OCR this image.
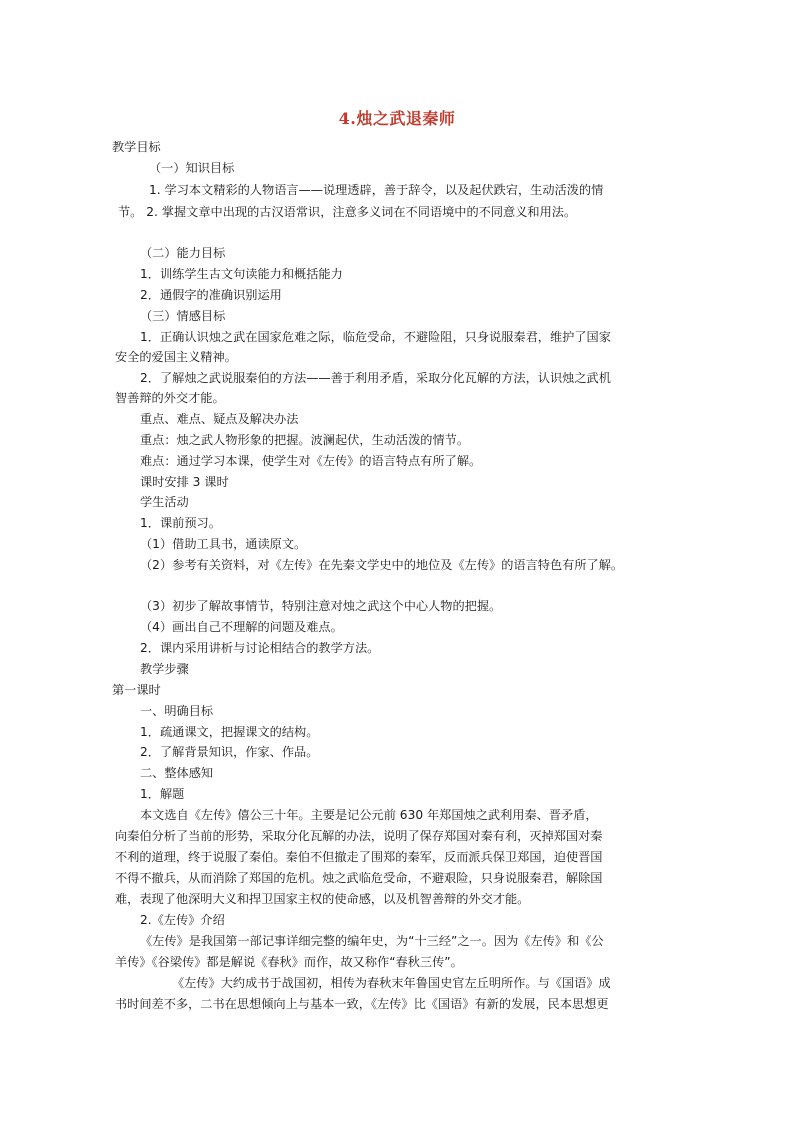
4.烛之武退秦师
教学目标
（一）知识目标
1. 学习本文精彩的人物语言——说理透辟，善于辞令，以及起伏跌宕，生动活泼的情
节。 2. 掌握文章中出现的古汉语常识，注意多义词在不同语境中的不同意义和用法。
（二）能力目标
1．训练学生古文句读能力和概括能力
2．通假字的准确识别运用
（三）情感目标
1．正确认识烛之武在国家危难之际，临危受命，不避险阻，只身说服秦君，维护了国家
安全的爱国主义精神。
2．了解烛之武说服秦伯的方法——善于利用矛盾，采取分化瓦解的方法，认识烛之武机
智善辩的外交才能。
重点、难点、疑点及解决办法
重点：烛之武人物形象的把握。波澜起伏，生动活泼的情节。
难点：通过学习本课，使学生对《左传》的语言特点有所了解。
课时安排 3 课时
学生活动
1．课前预习。
（1）借助工具书，通读原文。
（2）参考有关资料，对《左传》在先秦文学史中的地位及《左传》的语言特色有所了解。
（3）初步了解故事情节，特别注意对烛之武这个中心人物的把握。
（4）画出自己不理解的问题及难点。
2．课内采用讲析与讨论相结合的教学方法。
教学步骤
第一课时
一、明确目标
1．疏通课文，把握课文的结构。
2．了解背景知识，作家、作品。
二、整体感知
1．解题
本文选自《左传》僖公三十年。主要是记公元前 630 年郑国烛之武利用秦、晋矛盾，
向秦伯分析了当前的形势，采取分化瓦解的办法，说明了保存郑国对秦有利，灭掉郑国对秦
不利的道理，终于说服了秦伯。秦伯不但撤走了围郑的秦军，反而派兵保卫郑国，迫使晋国
不得不撤兵，从而消除了郑国的危机。烛之武临危受命，不避艰险，只身说服秦君，解除国
难，表现了他深明大义和捍卫国家主权的使命感，以及机智善辩的外交才能。
2.《左传》介绍
《左传》是我国第一部记事详细完整的编年史，为“十三经”之一。因为《左传》和《公
羊传》《谷梁传》都是解说《春秋》而作，故又称作“春秋三传”。
《左传》大约成书于战国初，相传为春秋末年鲁国史官左丘明所作。与《国语》成
书时间差不多，二书在思想倾向上与基本一致，《左传》比《国语》有新的发展，民本思想更
